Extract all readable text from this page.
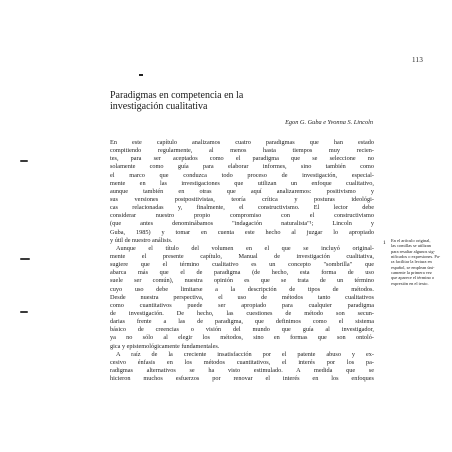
113
Paradigmas en competencia en la
investigación cualitativa
Egon G. Guba e Yvonna S. Lincoln
En este capítulo analizamos cuatro paradigmas que han estado
compitiendo regularmente, al menos hasta tiempos muy recien-
tes, para ser aceptados como el paradigma que se seleccione no
solamente como guía para elaborar informes, sino también como
el marco que conduzca todo proceso de investigación, especial-
mente en las investigaciones que utilizan un enfoque cualitativo,
aunque también en otras que aquí analizaremos: positivismo y
sus versiones postpositivistas, teoría crítica y posturas ideológi-
cas relacionadas y, finalmente, el constructivismo. El lector debe
considerar nuestro propio compromiso con el constructivismo
(que antes denominábamos "indagación naturalista"¹; Lincoln y
Guba, 1985) y tomar en cuenta este hecho al juzgar lo apropiado
y útil de nuestro análisis.
Aunque el título del volumen en el que se incluyó original-
mente el presente capítulo, Manual de investigación cualitativa,
sugiere que el término cualitativo es un concepto "sombrilla" que
abarca más que el de paradigma (de hecho, esta forma de uso
suele ser común), nuestra opinión es que se trata de un término
cuyo uso debe limitarse a la descripción de tipos de métodos.
Desde nuestra perspectiva, el uso de métodos tanto cualitativos
como cuantitativos puede ser apropiado para cualquier paradigma
de investigación. De hecho, las cuestiones de método son secun-
darias frente a las de paradigma, que definimos como el sistema
básico de creencias o visión del mundo que guía al investigador,
ya no sólo al elegir los métodos, sino en formas que son ontoló-
gica y epistemológicamente fundamentales.
A raíz de la creciente insatisfacción por el patente abuso y ex-
cesivo énfasis en los métodos cuantitativos, el interés por los pa-
radigmas alternativos se ha visto estimulado. A medida que se
hicieron muchos esfuerzos por renovar el interés en los enfoques
1 En el artículo original,
las comillas se utilizan
para resaltar algunos sig-
nificados o expresiones. Pa-
ra facilitar la lectura en
español, se emplean úni-
camente la primera vez
que aparece el término o
expresión en el texto.
